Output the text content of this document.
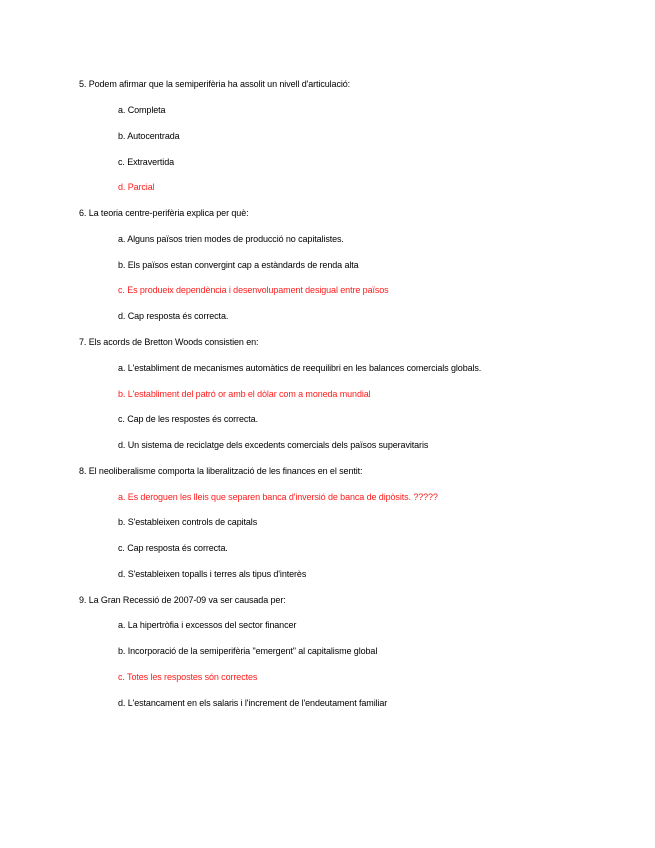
5. Podem afirmar que la semiperifèria ha assolit un nivell d'articulació:
a. Completa
b. Autocentrada
c. Extravertida
d. Parcial
6. La teoria centre-perifèria explica per què:
a. Alguns països trien modes de producció no capitalistes.
b. Els països estan convergint cap a estàndards de renda alta
c. Es produeix dependència i desenvolupament desigual entre països
d. Cap resposta és correcta.
7. Els acords de Bretton Woods consistien en:
a. L'establiment de mecanismes automàtics de reequilibri en les balances comercials globals.
b. L'establiment del patró or amb el dòlar com a moneda mundial
c. Cap de les respostes és correcta.
d. Un sistema de reciclatge dels excedents comercials dels països superavitaris
8. El neoliberalisme comporta la liberalització de les finances en el sentit:
a. Es deroguen les lleis que separen banca d'inversió de banca de dipòsits. ?????
b. S'estableixen controls de capitals
c. Cap resposta és correcta.
d. S'estableixen topalls i terres als tipus d'interès
9. La Gran Recessió de 2007-09 va ser causada per:
a. La hipertròfia i excessos del sector financer
b. Incorporació de la semiperifèria "emergent" al capitalisme global
c. Totes les respostes són correctes
d. L'estancament en els salaris i l'increment de l'endeutament familiar
